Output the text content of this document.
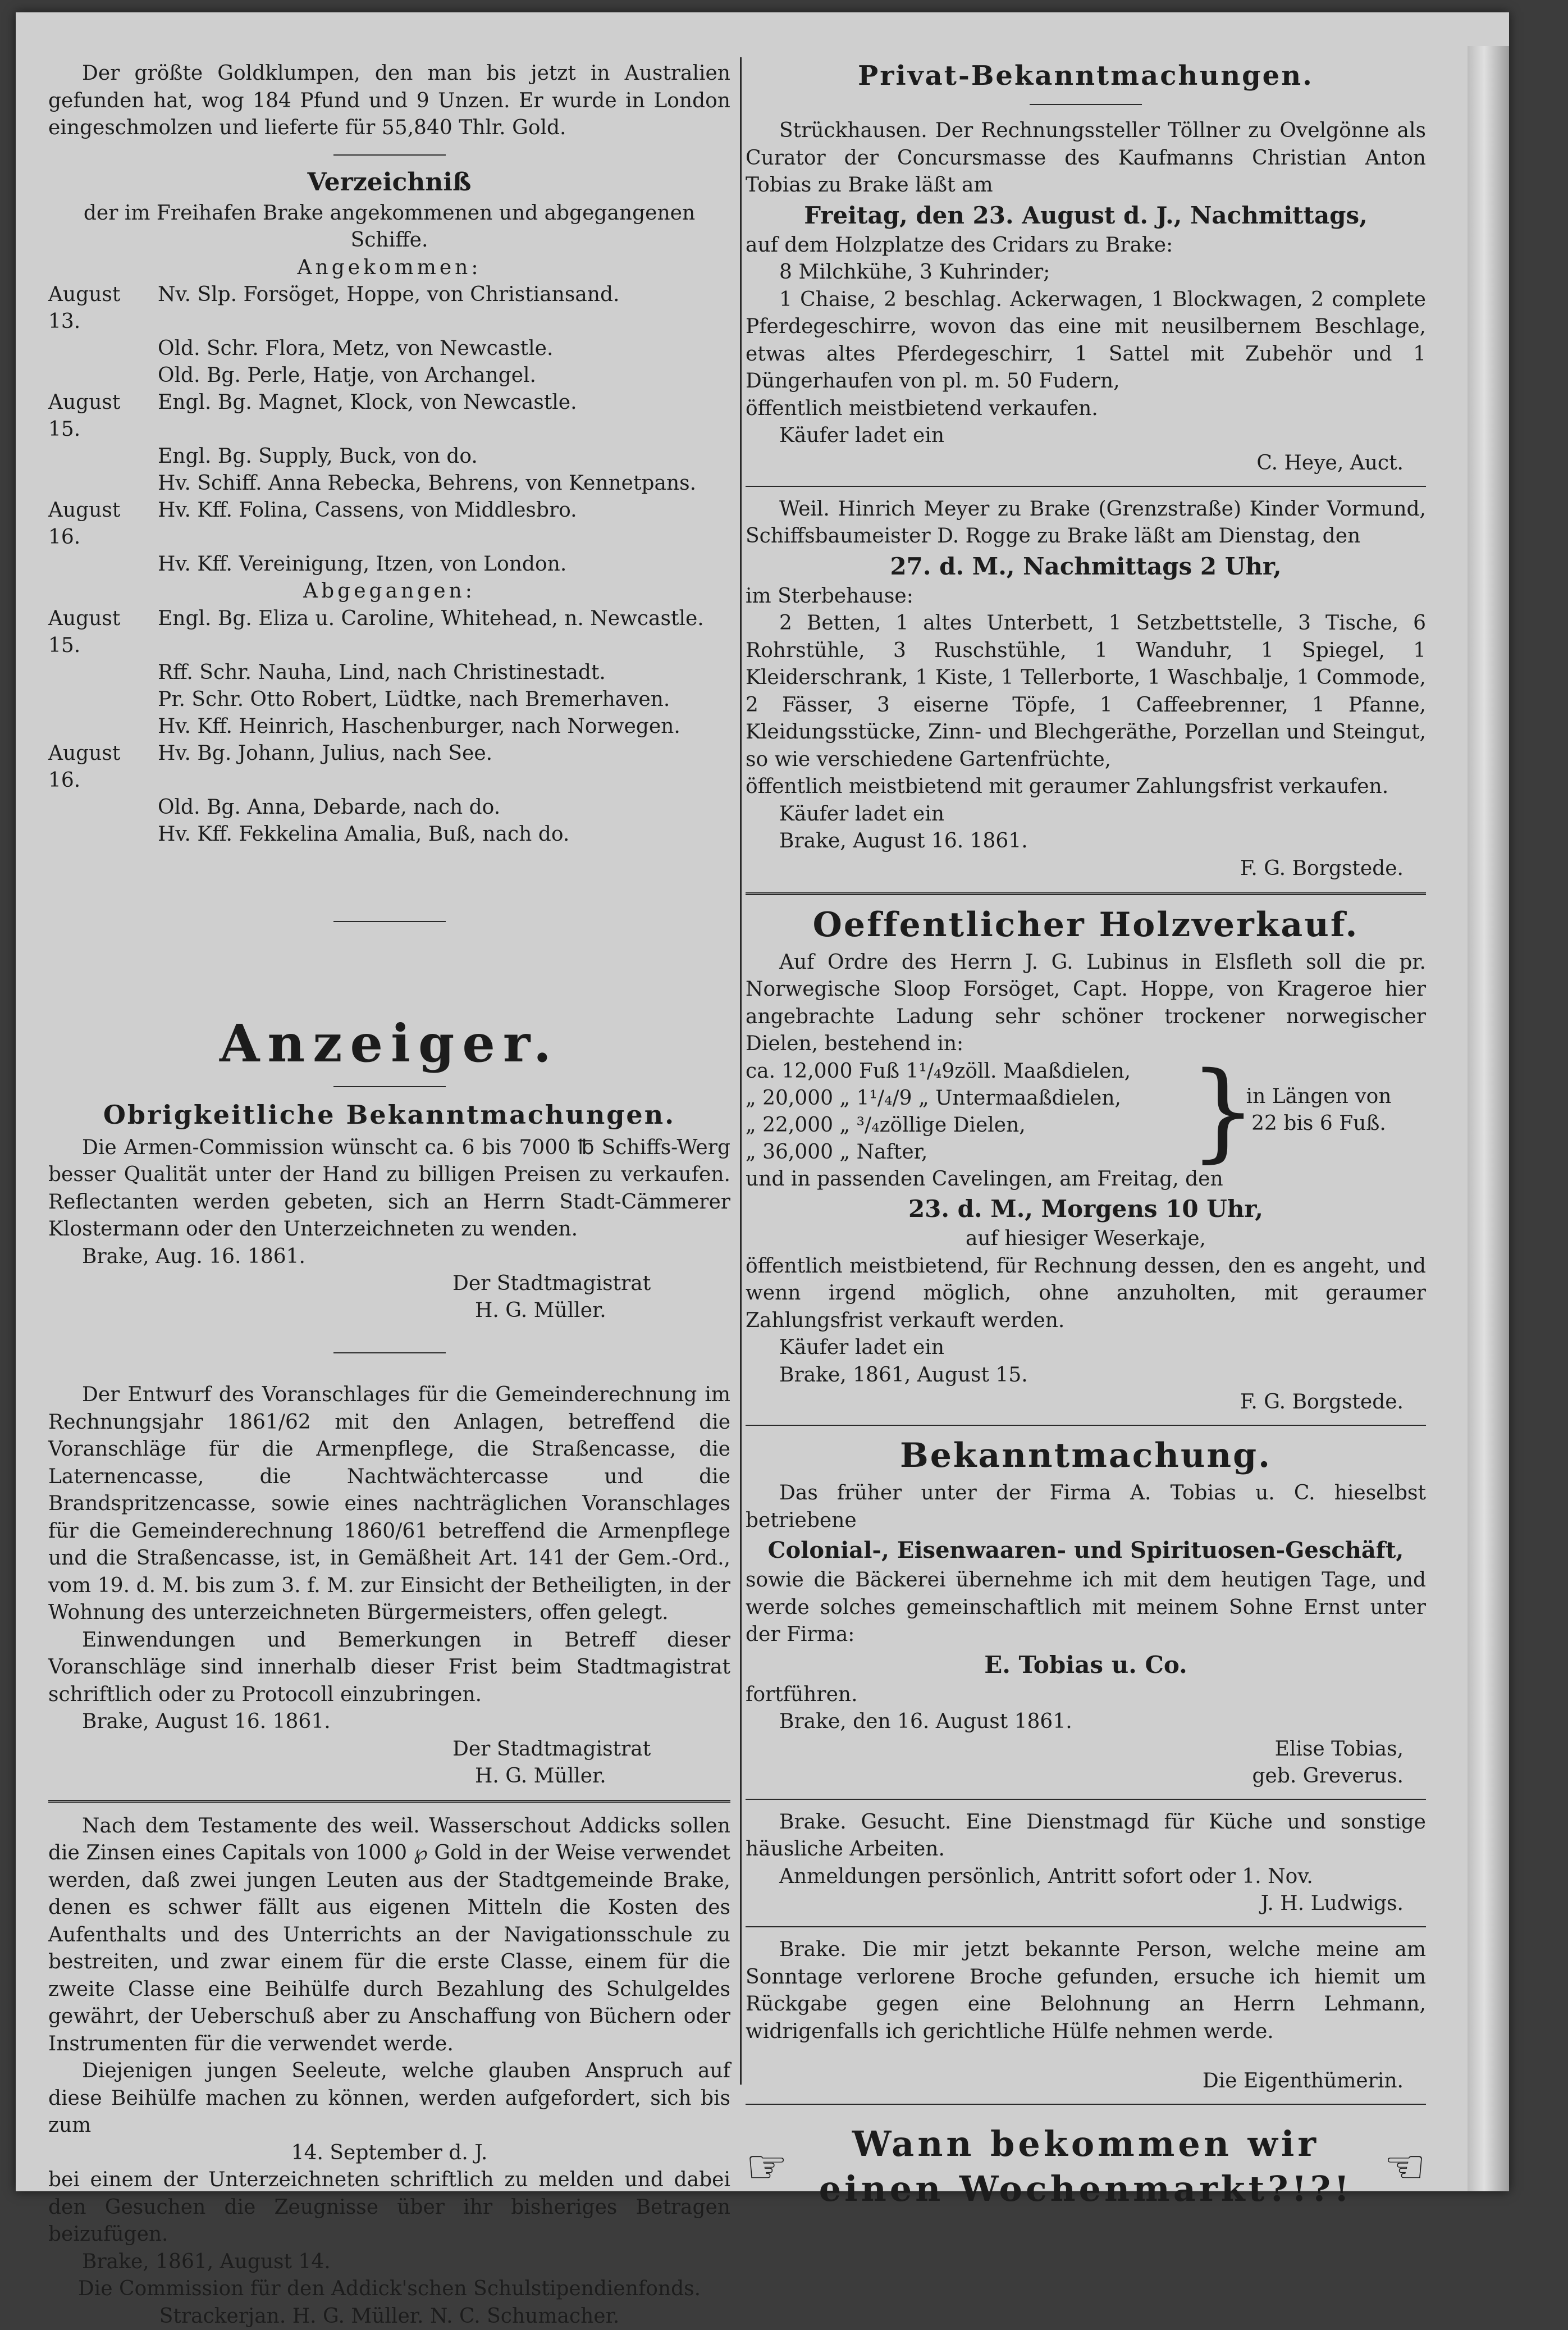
Der größte Goldklumpen, den man bis jetzt in Australien gefunden hat, wog 184 Pfund und 9 Unzen. Er wurde in London eingeschmolzen und lieferte für 55,840 Thlr. Gold.

Verzeichniß

der im Freihafen Brake angekommenen und abgegangenen Schiffe.

Angekommen:

August 13.	Nv. Slp. Forsöget, Hoppe, von Christiansand.
	Old. Schr. Flora, Metz, von Newcastle.
	Old. Bg. Perle, Hatje, von Archangel.
August 15.	Engl. Bg. Magnet, Klock, von Newcastle.
	Engl. Bg. Supply, Buck, von do.
	Hv. Schiff. Anna Rebecka, Behrens, von Kennetpans.
August 16.	Hv. Kff. Folina, Cassens, von Middlesbro.
	Hv. Kff. Vereinigung, Itzen, von London.

Abgegangen:

August 15.	Engl. Bg. Eliza u. Caroline, Whitehead, n. Newcastle.
	Rff. Schr. Nauha, Lind, nach Christinestadt.
	Pr. Schr. Otto Robert, Lüdtke, nach Bremerhaven.
	Hv. Kff. Heinrich, Haschenburger, nach Norwegen.
August 16.	Hv. Bg. Johann, Julius, nach See.
	Old. Bg. Anna, Debarde, nach do.
	Hv. Kff. Fekkelina Amalia, Buß, nach do.
Anzeiger.
Obrigkeitliche Bekanntmachungen.

Die Armen-Commission wünscht ca. 6 bis 7000 ℔ Schiffs-Werg besser Qualität unter der Hand zu billigen Preisen zu verkaufen. Reflectanten werden gebeten, sich an Herrn Stadt-Cämmerer Klostermann oder den Unterzeichneten zu wenden.

Brake, Aug. 16. 1861.

Der Stadtmagistrat

H. G. Müller.

Der Entwurf des Voranschlages für die Gemeinderechnung im Rechnungsjahr 1861/62 mit den Anlagen, betreffend die Voranschläge für die Armenpflege, die Straßencasse, die Laternencasse, die Nachtwächtercasse und die Brandspritzencasse, sowie eines nachträglichen Voranschlages für die Gemeinderechnung 1860/61 betreffend die Armenpflege und die Straßencasse, ist, in Gemäßheit Art. 141 der Gem.-Ord., vom 19. d. M. bis zum 3. f. M. zur Einsicht der Betheiligten, in der Wohnung des unterzeichneten Bürgermeisters, offen gelegt.

Einwendungen und Bemerkungen in Betreff dieser Voranschläge sind innerhalb dieser Frist beim Stadtmagistrat schriftlich oder zu Protocoll einzubringen.

Brake, August 16. 1861.

Der Stadtmagistrat

H. G. Müller.

Nach dem Testamente des weil. Wasserschout Addicks sollen die Zinsen eines Capitals von 1000 ℘ Gold in der Weise verwendet werden, daß zwei jungen Leuten aus der Stadtgemeinde Brake, denen es schwer fällt aus eigenen Mitteln die Kosten des Aufenthalts und des Unterrichts an der Navigationsschule zu bestreiten, und zwar einem für die erste Classe, einem für die zweite Classe eine Beihülfe durch Bezahlung des Schulgeldes gewährt, der Ueberschuß aber zu Anschaffung von Büchern oder Instrumenten für die verwendet werde.

Diejenigen jungen Seeleute, welche glauben Anspruch auf diese Beihülfe machen zu können, werden aufgefordert, sich bis zum

14. September d. J.

bei einem der Unterzeichneten schriftlich zu melden und dabei den Gesuchen die Zeugnisse über ihr bisheriges Betragen beizufügen.

Brake, 1861, August 14.

Die Commission für den Addick'schen Schulstipendienfonds.

Strackerjan. H. G. Müller. N. C. Schumacher.

Privat-Bekanntmachungen.

Strückhausen. Der Rechnungssteller Töllner zu Ovelgönne als Curator der Concursmasse des Kaufmanns Christian Anton Tobias zu Brake läßt am

Freitag, den 23. August d. J., Nachmittags,

auf dem Holzplatze des Cridars zu Brake:

8 Milchkühe, 3 Kuhrinder;

1 Chaise, 2 beschlag. Ackerwagen, 1 Blockwagen, 2 complete Pferdegeschirre, wovon das eine mit neusilbernem Beschlage, etwas altes Pferdegeschirr, 1 Sattel mit Zubehör und 1 Düngerhaufen von pl. m. 50 Fudern,

öffentlich meistbietend verkaufen.

Käufer ladet ein

C. Heye, Auct.

Weil. Hinrich Meyer zu Brake (Grenzstraße) Kinder Vormund, Schiffsbaumeister D. Rogge zu Brake läßt am Dienstag, den

27. d. M., Nachmittags 2 Uhr,

im Sterbehause:

2 Betten, 1 altes Unterbett, 1 Setzbettstelle, 3 Tische, 6 Rohrstühle, 3 Ruschstühle, 1 Wanduhr, 1 Spiegel, 1 Kleiderschrank, 1 Kiste, 1 Tellerborte, 1 Waschbalje, 1 Commode, 2 Fässer, 3 eiserne Töpfe, 1 Caffeebrenner, 1 Pfanne, Kleidungsstücke, Zinn- und Blechgeräthe, Porzellan und Steingut, so wie verschiedene Gartenfrüchte,

öffentlich meistbietend mit geraumer Zahlungsfrist verkaufen.

Käufer ladet ein

Brake, August 16. 1861.

F. G. Borgstede.

Oeffentlicher Holzverkauf.

Auf Ordre des Herrn J. G. Lubinus in Elsfleth soll die pr. Norwegische Sloop Forsöget, Capt. Hoppe, von Krageroe hier angebrachte Ladung sehr schöner trockener norwegischer Dielen, bestehend in:

ca. 12,000 Fuß 1¹/₄9zöll. Maaßdielen,
„ 20,000 „ 1¹/₄/9 „ Untermaaßdielen,
„ 22,000 „ ³/₄zöllige Dielen,
„ 36,000 „ Nafter,	}
in Längen von
22 bis 6 Fuß.

und in passenden Cavelingen, am Freitag, den

23. d. M., Morgens 10 Uhr,

auf hiesiger Weserkaje,

öffentlich meistbietend, für Rechnung dessen, den es angeht, und wenn irgend möglich, ohne anzuholten, mit geraumer Zahlungsfrist verkauft werden.

Käufer ladet ein

Brake, 1861, August 15.

F. G. Borgstede.

Bekanntmachung.

Das früher unter der Firma A. Tobias u. C. hieselbst betriebene

Colonial-, Eisenwaaren- und Spirituosen-Geschäft,

sowie die Bäckerei übernehme ich mit dem heutigen Tage, und werde solches gemeinschaftlich mit meinem Sohne Ernst unter der Firma:

E. Tobias u. Co.

fortführen.

Brake, den 16. August 1861.

Elise Tobias,

geb. Greverus.

Brake. Gesucht. Eine Dienstmagd für Küche und sonstige häusliche Arbeiten.

Anmeldungen persönlich, Antritt sofort oder 1. Nov.

J. H. Ludwigs.

Brake. Die mir jetzt bekannte Person, welche meine am Sonntage verlorene Broche gefunden, ersuche ich hiemit um Rückgabe gegen eine Belohnung an Herrn Lehmann, widrigenfalls ich gerichtliche Hülfe nehmen werde.

Die Eigenthümerin.

☞	Wann bekommen wir
einen Wochenmarkt?!?! ☜
